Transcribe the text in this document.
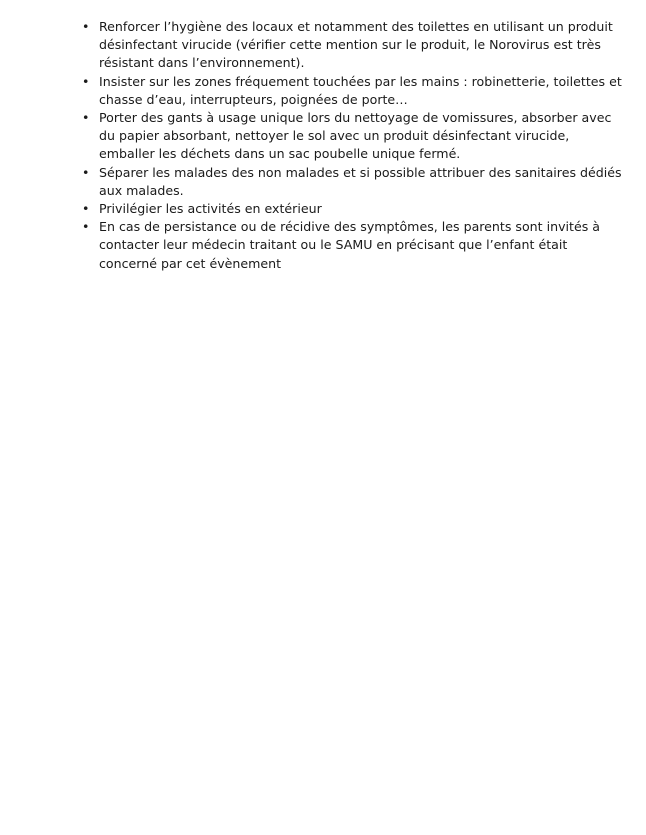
• Renforcer l’hygiène des locaux et notamment des toilettes en utilisant un produit désinfectant virucide (vérifier cette mention sur le produit, le Norovirus est très résistant dans l’environnement).
• Insister sur les zones fréquement touchées par les mains : robinetterie, toilettes et chasse d’eau, interrupteurs, poignées de porte…
• Porter des gants à usage unique lors du nettoyage de vomissures, absorber avec du papier absorbant, nettoyer le sol avec un produit désinfectant virucide, emballer les déchets dans un sac poubelle unique fermé.
• Séparer les malades des non malades et si possible attribuer des sanitaires dédiés aux malades.
• Privilégier les activités en extérieur
• En cas de persistance ou de récidive des symptômes, les parents sont invités à contacter leur médecin traitant ou le SAMU en précisant que l’enfant était concerné par cet évènement
